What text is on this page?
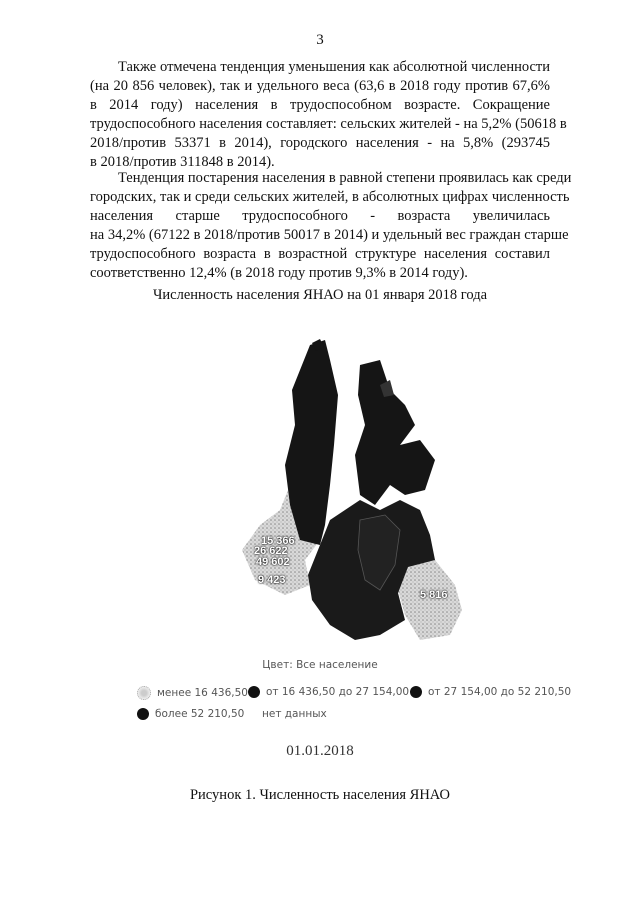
3

Также отмечена тенденция уменьшения как абсолютной численности
(на 20 856 человек), так и удельного веса (63,6 в 2018 году против 67,6%
в 2014 году) населения в трудоспособном возрасте. Сокращение
трудоспособного населения составляет: сельских жителей - на 5,2% (50618 в
2018/против 53371 в 2014), городского населения - на 5,8% (293745
в 2018/против 311848 в 2014).

Тенденция постарения населения в равной степени проявилась как среди
городских, так и среди сельских жителей, в абсолютных цифрах численность
населения старше трудоспособного - возраста увеличилась
на 34,2% (67122 в 2018/против 50017 в 2014) и удельный вес граждан старше
трудоспособного возраста в возрастной структуре населения составил
соответственно 12,4% (в 2018 году против 9,3% в 2014 году).

Численность населения ЯНАО на 01 января 2018 года
15 366
26 622
49 602
9 423
5 816
Цвет: Все население
менее 16 436,50 от 16 436,50 до 27 154,00 от 27 154,00 до 52 210,50
более 52 210,50 нет данных
01.01.2018
Рисунок 1. Численность населения ЯНАО
